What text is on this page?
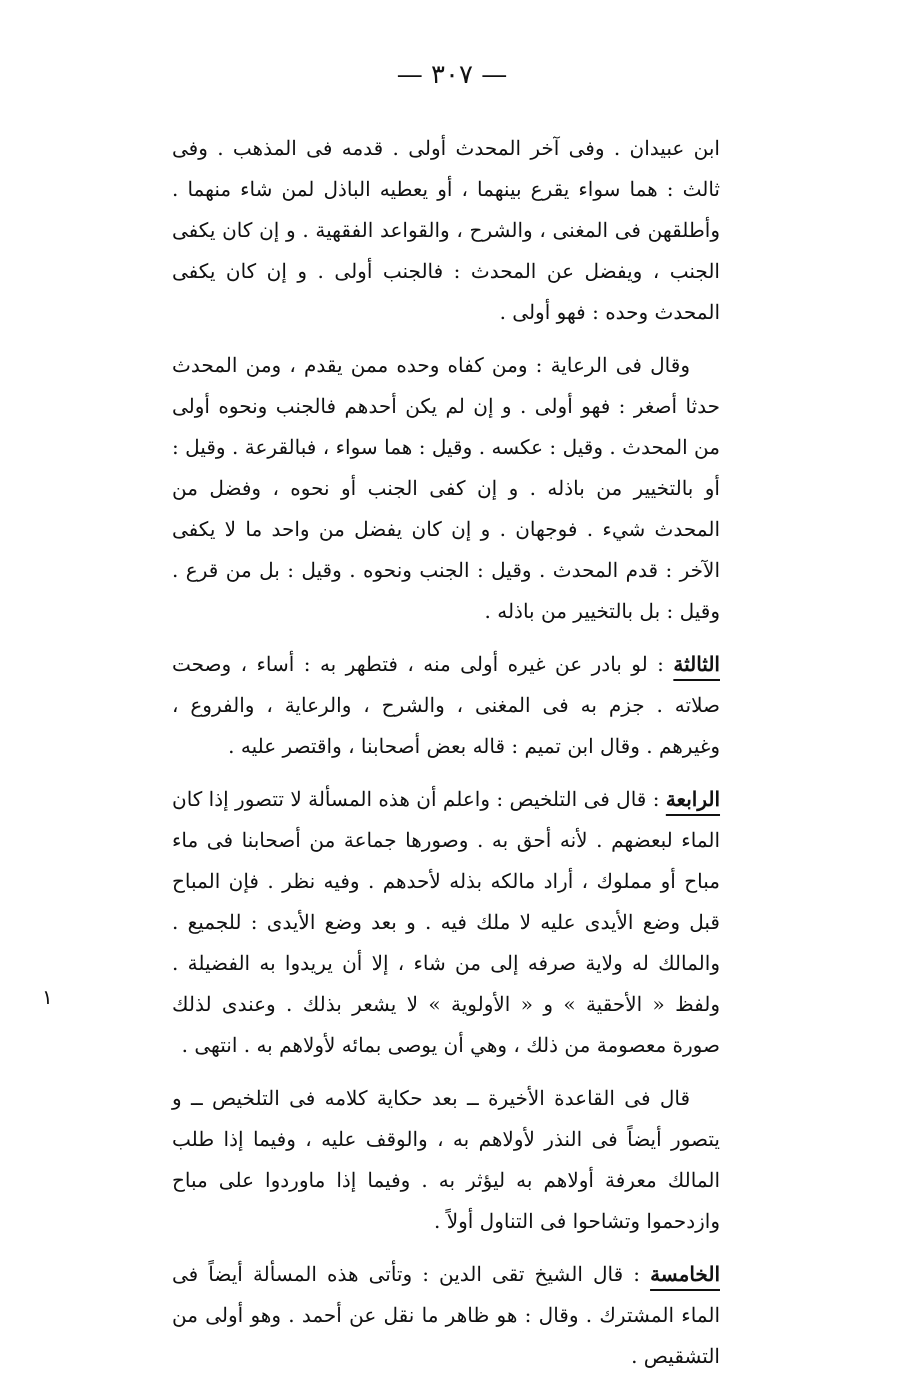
— ٣٠٧ —

ابن عبيدان . وفى آخر المحدث أولى . قدمه فى المذهب . وفى ثالث : هما سواء يقرع بينهما ، أو يعطيه الباذل لمن شاء منهما . وأطلقهن فى المغنى ، والشرح ، والقواعد الفقهية . و إن كان يكفى الجنب ، ويفضل عن المحدث : فالجنب أولى . و إن كان يكفى المحدث وحده : فهو أولى .

وقال فى الرعاية : ومن كفاه وحده ممن يقدم ، ومن المحدث حدثا أصغر : فهو أولى . و إن لم يكن أحدهم فالجنب ونحوه أولى من المحدث . وقيل : عكسه . وقيل : هما سواء ، فبالقرعة . وقيل : أو بالتخيير من باذله . و إن كفى الجنب أو نحوه ، وفضل من المحدث شيء . فوجهان . و إن كان يفضل من واحد ما لا يكفى الآخر : قدم المحدث . وقيل : الجنب ونحوه . وقيل : بل من قرع . وقيل : بل بالتخيير من باذله .

الثالثة : لو بادر عن غيره أولى منه ، فتطهر به : أساء ، وصحت صلاته . جزم به فى المغنى ، والشرح ، والرعاية ، والفروع ، وغيرهم . وقال ابن تميم : قاله بعض أصحابنا ، واقتصر عليه .

الرابعة : قال فى التلخيص : واعلم أن هذه المسألة لا تتصور إذا كان الماء لبعضهم . لأنه أحق به . وصورها جماعة من أصحابنا فى ماء مباح أو مملوك ، أراد مالكه بذله لأحدهم . وفيه نظر . فإن المباح قبل وضع الأيدى عليه لا ملك فيه . و بعد وضع الأيدى : للجميع . والمالك له ولاية صرفه إلى من شاء ، إلا أن يريدوا به الفضيلة . ولفظ « الأحقية » و « الأولوية » لا يشعر بذلك . وعندى لذلك صورة معصومة من ذلك ، وهي أن يوصى بمائه لأولاهم به . انتهى .

قال فى القاعدة الأخيرة ــ بعد حكاية كلامه فى التلخيص ــ و يتصور أيضاً فى النذر لأولاهم به ، والوقف عليه ، وفيما إذا طلب المالك معرفة أولاهم به ليؤثر به . وفيما إذا ماوردوا على مباح وازدحموا وتشاحوا فى التناول أولاً .

الخامسة : قال الشيخ تقى الدين : وتأتى هذه المسألة أيضاً فى الماء المشترك . وقال : هو ظاهر ما نقل عن أحمد . وهو أولى من التشقيص .

١
